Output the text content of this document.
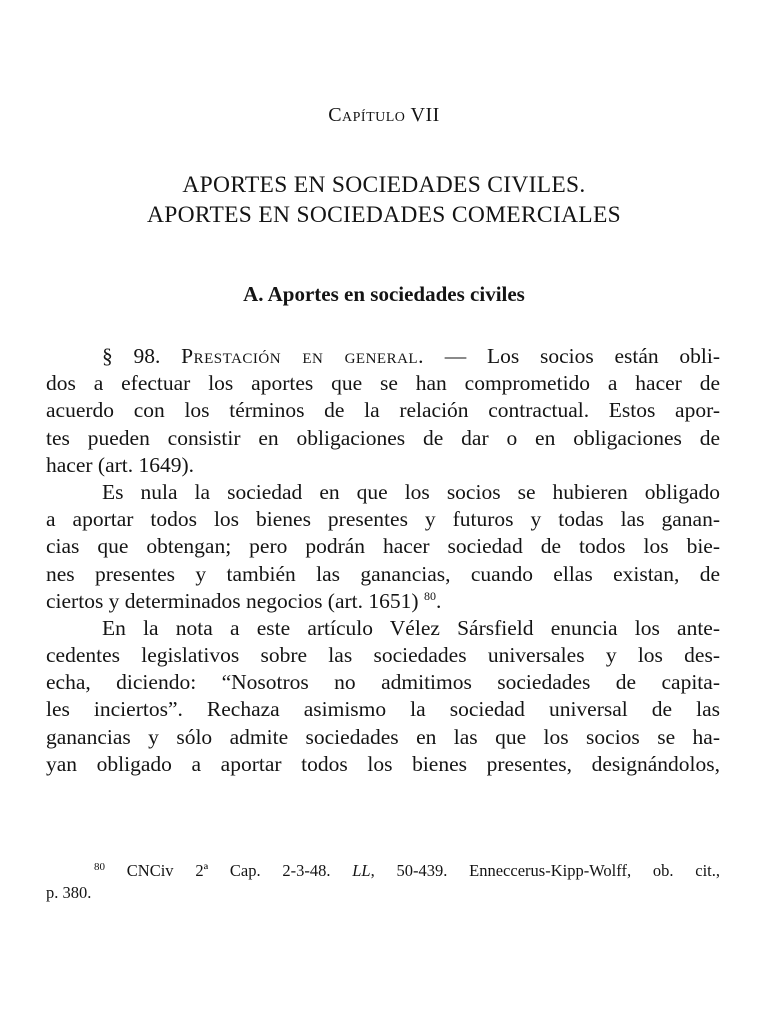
Capítulo VII
APORTES EN SOCIEDADES CIVILES.
APORTES EN SOCIEDADES COMERCIALES
A. Aportes en sociedades civiles
§ 98. Prestación en general. — Los socios están obli-
dos a efectuar los aportes que se han comprometido a hacer de
acuerdo con los términos de la relación contractual. Estos apor-
tes pueden consistir en obligaciones de dar o en obligaciones de
hacer (art. 1649).
Es nula la sociedad en que los socios se hubieren obligado
a aportar todos los bienes presentes y futuros y todas las ganan-
cias que obtengan; pero podrán hacer sociedad de todos los bie-
nes presentes y también las ganancias, cuando ellas existan, de
ciertos y determinados negocios (art. 1651) $^{80}$.
En la nota a este artículo Vélez Sársfield enuncia los ante-
cedentes legislativos sobre las sociedades universales y los des-
echa, diciendo: “Nosotros no admitimos sociedades de capita-
les inciertos”. Rechaza asimismo la sociedad universal de las
ganancias y sólo admite sociedades en las que los socios se ha-
yan obligado a aportar todos los bienes presentes, designándolos,
$^{80}$ CNCiv 2ª Cap. 2-3-48. LL, 50-439. Enneccerus-Kipp-Wolff, ob. cit.,
p. 380.
